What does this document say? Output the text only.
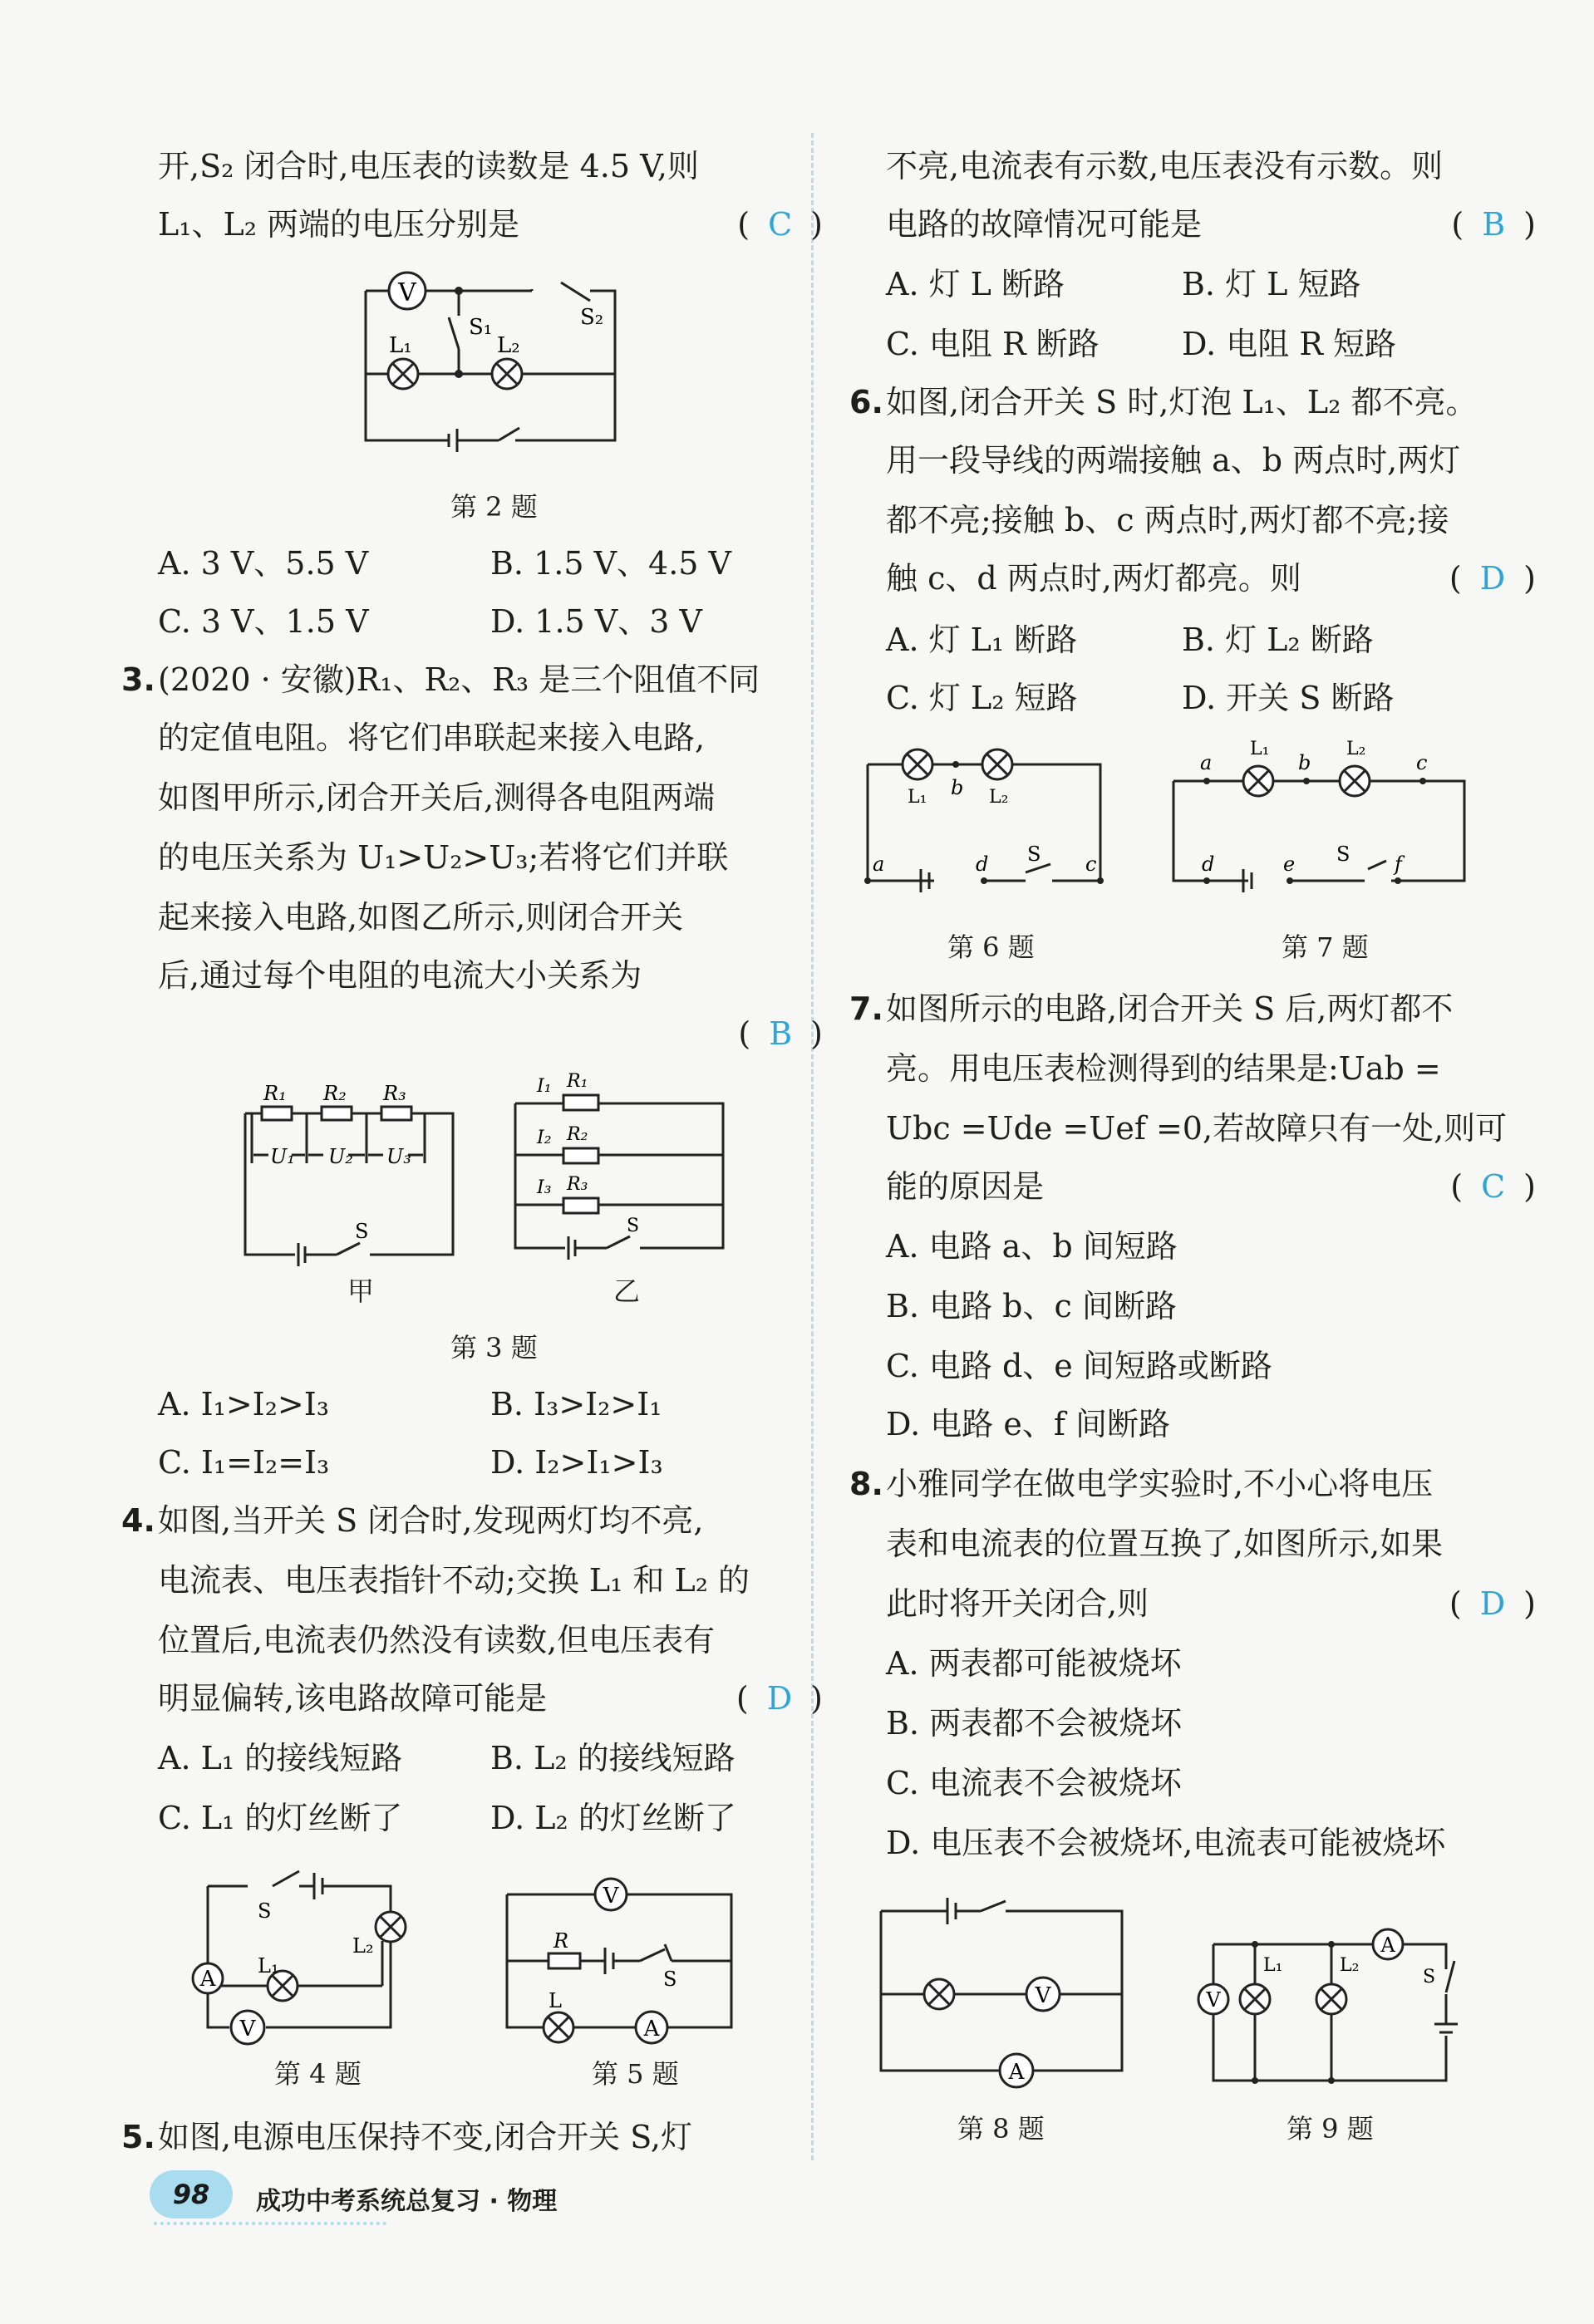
开,S₂ 闭合时,电压表的读数是 4.5 V,则
L₁、L₂ 两端的电压分别是	( C )
V
L₁	L₂
S₁	S₂
第 2 题
A. 3 V、5.5 V	B. 1.5 V、4.5 V
C. 3 V、1.5 V	D. 1.5 V、3 V
3. (2020 · 安徽)R₁、R₂、R₃ 是三个阻值不同
的定值电阻。将它们串联起来接入电路,
如图甲所示,闭合开关后,测得各电阻两端
的电压关系为 U₁>U₂>U₃;若将它们并联
起来接入电路,如图乙所示,则闭合开关
后,通过每个电阻的电流大小关系为
( B )
R₁ R₂ R₃
U₁ U₂ U₃
S
甲
I₁
I₂
I₃
R₁
R₂
R₃
S
乙
第 3 题
A. I₁>I₂>I₃	B. I₃>I₂>I₁
C. I₁=I₂=I₃	D. I₂>I₁>I₃
4. 如图,当开关 S 闭合时,发现两灯均不亮,
电流表、电压表指针不动;交换 L₁ 和 L₂ 的
位置后,电流表仍然没有读数,但电压表有
明显偏转,该电路故障可能是	( D )
A. L₁ 的接线短路	B. L₂ 的接线短路
C. L₁ 的灯丝断了	D. L₂ 的灯丝断了
A
V
S
L₁
L₂
第 4 题
V
A
R
L
S
第 5 题
5. 如图,电源电压保持不变,闭合开关 S,灯
不亮,电流表有示数,电压表没有示数。则
电路的故障情况可能是	( B )
A. 灯 L 断路	B. 灯 L 短路
C. 电阻 R 断路	D. 电阻 R 短路
6. 如图,闭合开关 S 时,灯泡 L₁、L₂ 都不亮。
用一段导线的两端接触 a、b 两点时,两灯
都不亮;接触 b、c 两点时,两灯都不亮;接
触 c、d 两点时,两灯都亮。则	( D )
A. 灯 L₁ 断路	B. 灯 L₂ 断路
C. 灯 L₂ 短路	D. 开关 S 断路
L₁	L₂
b
a	d S c
第 6 题
L₁	L₂
a	b	c
d	e S f
第 7 题
7. 如图所示的电路,闭合开关 S 后,两灯都不
亮。用电压表检测得到的结果是:Uab =
Ubc =Ude =Uef =0,若故障只有一处,则可
能的原因是	( C )
A. 电路 a、b 间短路
B. 电路 b、c 间断路
C. 电路 d、e 间短路或断路
D. 电路 e、f 间断路
8. 小雅同学在做电学实验时,不小心将电压
表和电流表的位置互换了,如图所示,如果
此时将开关闭合,则	( D )
A. 两表都可能被烧坏
B. 两表都不会被烧坏
C. 电流表不会被烧坏
D. 电压表不会被烧坏,电流表可能被烧坏
V
A
第 8 题
V
A
L₁	L₂
S
第 9 题
98	成功中考系统总复习 · 物理
